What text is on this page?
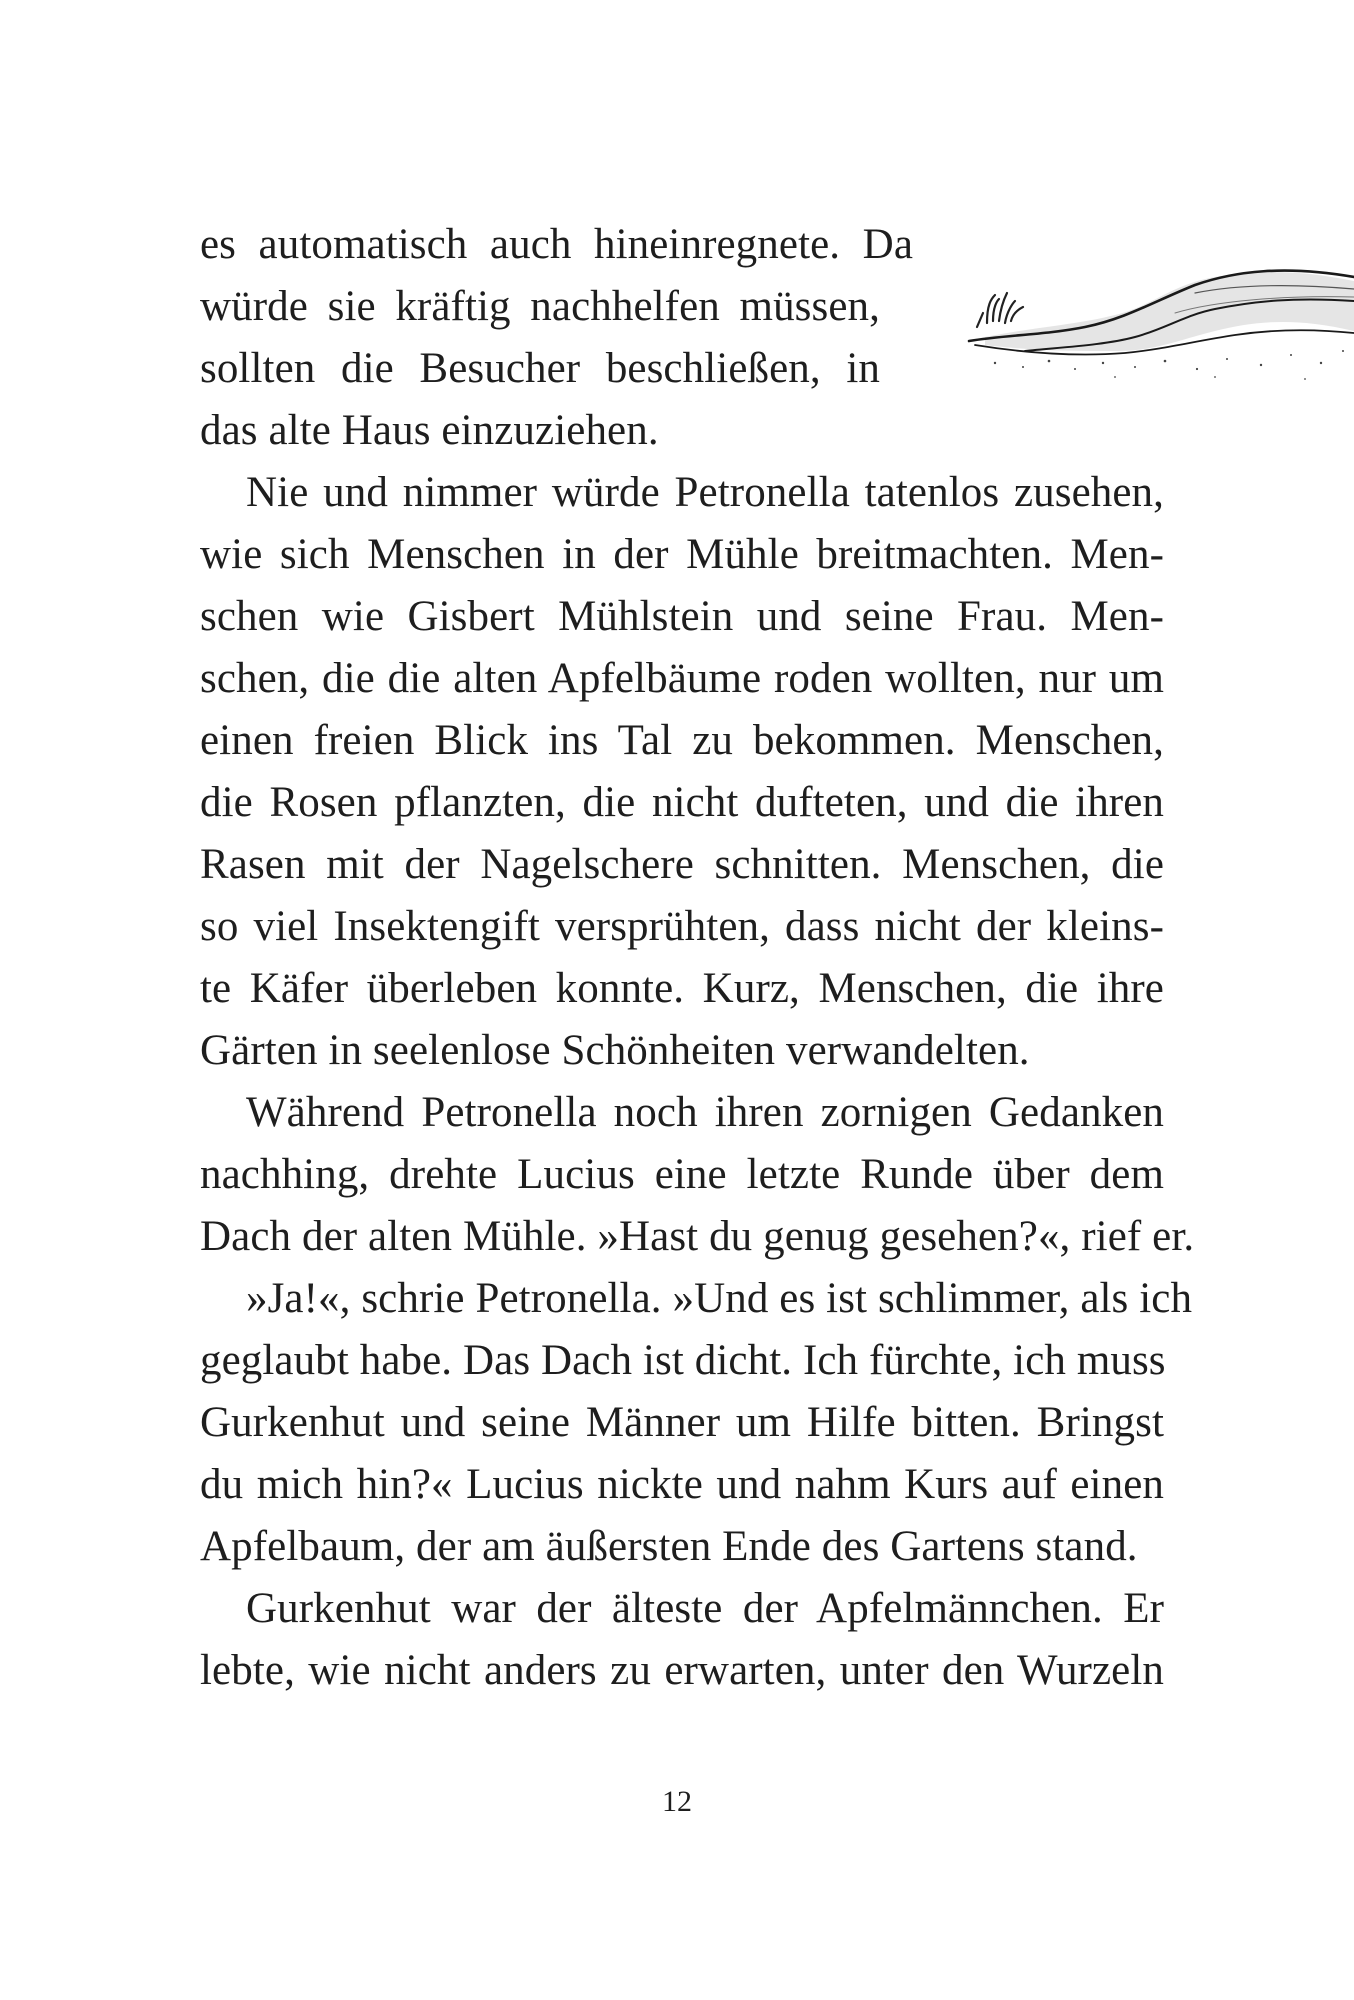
es automatisch auch hineinregnete. Da
würde sie kräftig nachhelfen müssen,
sollten die Besucher beschließen, in
das alte Haus einzuziehen.
Nie und nimmer würde Petronella tatenlos zusehen,
wie sich Menschen in der Mühle breitmachten. Men-
schen wie Gisbert Mühlstein und seine Frau. Men-
schen, die die alten Apfelbäume roden wollten, nur um
einen freien Blick ins Tal zu bekommen. Menschen,
die Rosen pflanzten, die nicht dufteten, und die ihren
Rasen mit der Nagelschere schnitten. Menschen, die
so viel Insektengift versprühten, dass nicht der kleins-
te Käfer überleben konnte. Kurz, Menschen, die ihre
Gärten in seelenlose Schönheiten verwandelten.
Während Petronella noch ihren zornigen Gedanken
nachhing, drehte Lucius eine letzte Runde über dem
Dach der alten Mühle. »Hast du genug gesehen?«, rief er.
»Ja!«, schrie Petronella. »Und es ist schlimmer, als ich
geglaubt habe. Das Dach ist dicht. Ich fürchte, ich muss
Gurkenhut und seine Männer um Hilfe bitten. Bringst
du mich hin?« Lucius nickte und nahm Kurs auf einen
Apfelbaum, der am äußersten Ende des Gartens stand.
Gurkenhut war der älteste der Apfelmännchen. Er
lebte, wie nicht anders zu erwarten, unter den Wurzeln
12
